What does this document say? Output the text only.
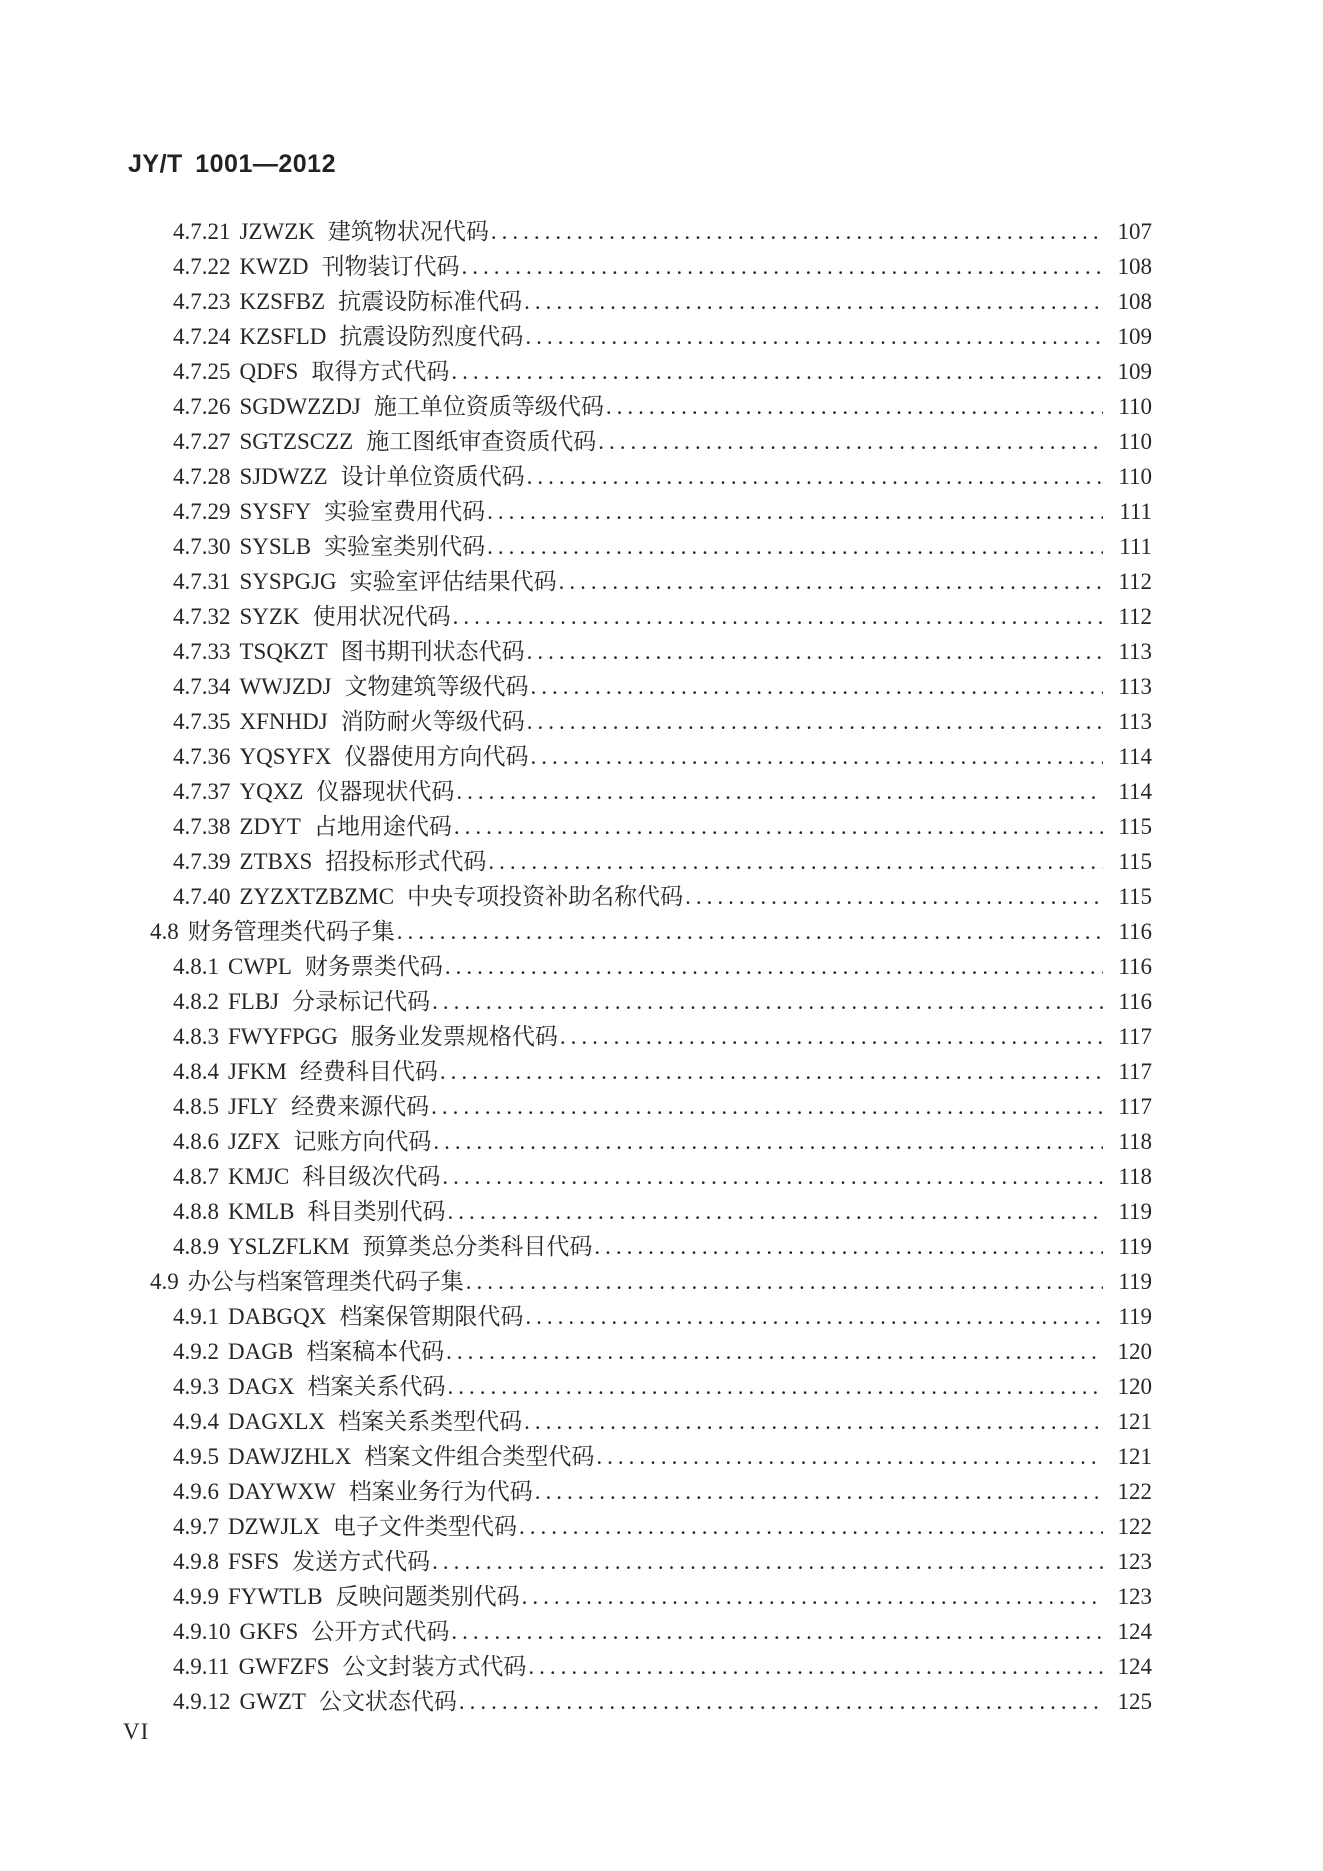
JY/T 1001—2012
4.7.21 JZWZK 建筑物状况代码 .....	107
4.7.22 KWZD 刊物装订代码 .....	108
4.7.23 KZSFBZ 抗震设防标准代码 .....	108
4.7.24 KZSFLD 抗震设防烈度代码 .....	109
4.7.25 QDFS 取得方式代码 .....	109
4.7.26 SGDWZZDJ 施工单位资质等级代码 .....	110
4.7.27 SGTZSCZZ 施工图纸审查资质代码 .....	110
4.7.28 SJDWZZ 设计单位资质代码 .....	110
4.7.29 SYSFY 实验室费用代码 .....	111
4.7.30 SYSLB 实验室类别代码 .....	111
4.7.31 SYSPGJG 实验室评估结果代码 .....	112
4.7.32 SYZK 使用状况代码 .....	112
4.7.33 TSQKZT 图书期刊状态代码 .....	113
4.7.34 WWJZDJ 文物建筑等级代码 .....	113
4.7.35 XFNHDJ 消防耐火等级代码 .....	113
4.7.36 YQSYFX 仪器使用方向代码 .....	114
4.7.37 YQXZ 仪器现状代码 .....	114
4.7.38 ZDYT 占地用途代码 .....	115
4.7.39 ZTBXS 招投标形式代码 .....	115
4.7.40 ZYZXTZBZMC 中央专项投资补助名称代码 .....	115
4.8 财务管理类代码子集 .....	116
4.8.1 CWPL 财务票类代码 .....	116
4.8.2 FLBJ 分录标记代码 .....	116
4.8.3 FWYFPGG 服务业发票规格代码 .....	117
4.8.4 JFKM 经费科目代码 .....	117
4.8.5 JFLY 经费来源代码 .....	117
4.8.6 JZFX 记账方向代码 .....	118
4.8.7 KMJC 科目级次代码 .....	118
4.8.8 KMLB 科目类别代码 .....	119
4.8.9 YSLZFLKM 预算类总分类科目代码 .....	119
4.9 办公与档案管理类代码子集 .....	119
4.9.1 DABGQX 档案保管期限代码 .....	119
4.9.2 DAGB 档案稿本代码 .....	120
4.9.3 DAGX 档案关系代码 .....	120
4.9.4 DAGXLX 档案关系类型代码 .....	121
4.9.5 DAWJZHLX 档案文件组合类型代码 .....	121
4.9.6 DAYWXW 档案业务行为代码 .....	122
4.9.7 DZWJLX 电子文件类型代码 .....	122
4.9.8 FSFS 发送方式代码 .....	123
4.9.9 FYWTLB 反映问题类别代码 .....	123
4.9.10 GKFS 公开方式代码 .....	124
4.9.11 GWFZFS 公文封装方式代码 .....	124
4.9.12 GWZT 公文状态代码 .....	125
VI
